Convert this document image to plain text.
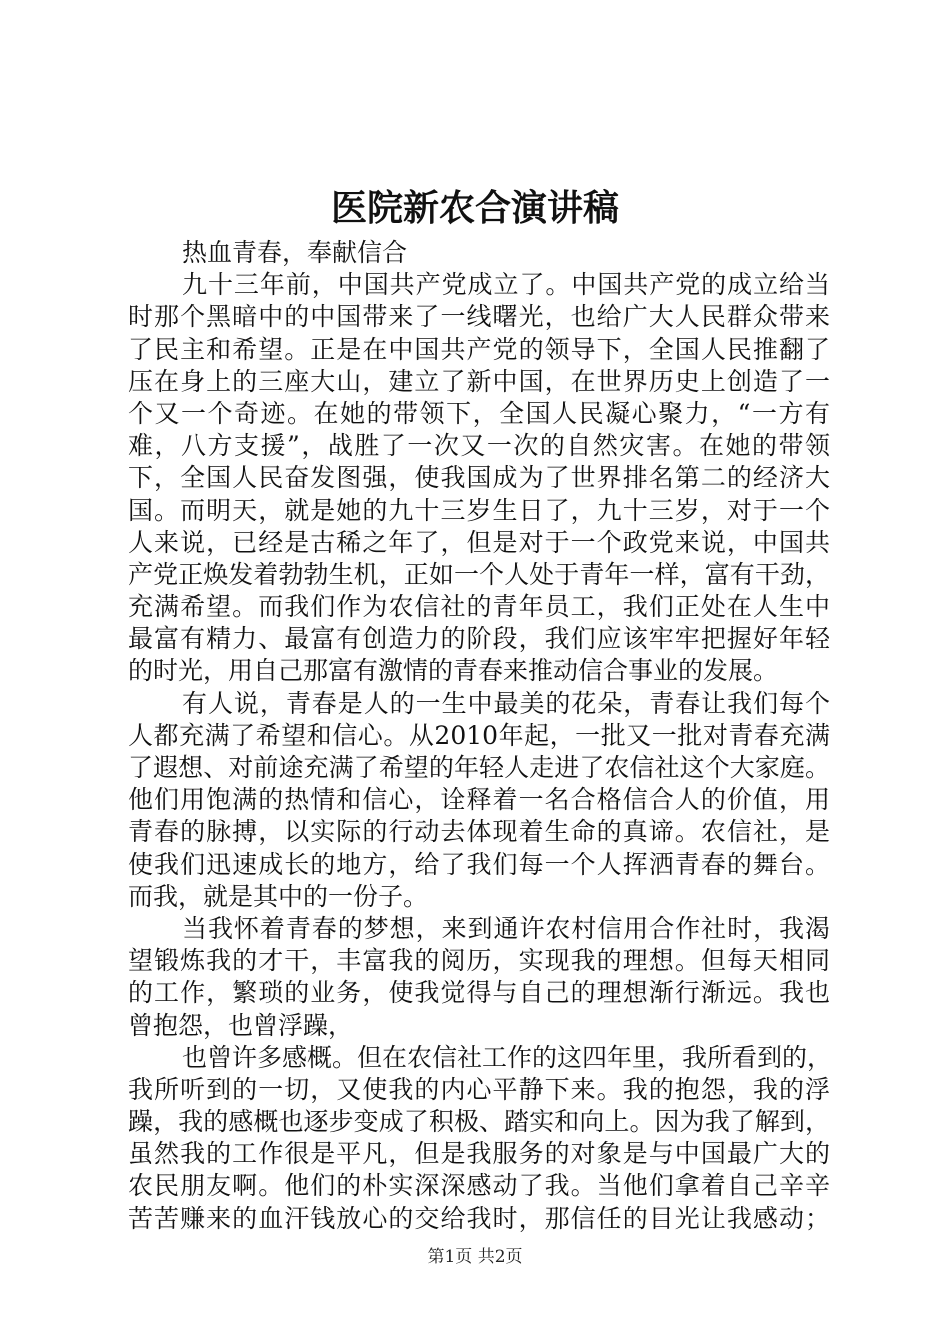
医院新农合演讲稿
热血青春，奉献信合
九十三年前，中国共产党成立了。中国共产党的成立给当
时那个黑暗中的中国带来了一线曙光，也给广大人民群众带来
了民主和希望。正是在中国共产党的领导下，全国人民推翻了
压在身上的三座大山，建立了新中国，在世界历史上创造了一
个又一个奇迹。在她的带领下，全国人民凝心聚力，“一方有
难，八方支援”，战胜了一次又一次的自然灾害。在她的带领
下，全国人民奋发图强，使我国成为了世界排名第二的经济大
国。而明天，就是她的九十三岁生日了，九十三岁，对于一个
人来说，已经是古稀之年了，但是对于一个政党来说，中国共
产党正焕发着勃勃生机，正如一个人处于青年一样，富有干劲，
充满希望。而我们作为农信社的青年员工，我们正处在人生中
最富有精力、最富有创造力的阶段，我们应该牢牢把握好年轻
的时光，用自己那富有激情的青春来推动信合事业的发展。
有人说，青春是人的一生中最美的花朵，青春让我们每个
人都充满了希望和信心。从2010年起，一批又一批对青春充满
了遐想、对前途充满了希望的年轻人走进了农信社这个大家庭。
他们用饱满的热情和信心，诠释着一名合格信合人的价值，用
青春的脉搏，以实际的行动去体现着生命的真谛。农信社，是
使我们迅速成长的地方，给了我们每一个人挥洒青春的舞台。
而我，就是其中的一份子。
当我怀着青春的梦想，来到通许农村信用合作社时，我渴
望锻炼我的才干，丰富我的阅历，实现我的理想。但每天相同
的工作，繁琐的业务，使我觉得与自己的理想渐行渐远。我也
曾抱怨，也曾浮躁，
也曾许多感概。但在农信社工作的这四年里，我所看到的，
我所听到的一切，又使我的内心平静下来。我的抱怨，我的浮
躁，我的感概也逐步变成了积极、踏实和向上。因为我了解到，
虽然我的工作很是平凡，但是我服务的对象是与中国最广大的
农民朋友啊。他们的朴实深深感动了我。当他们拿着自己辛辛
苦苦赚来的血汗钱放心的交给我时，那信任的目光让我感动；
第1页 共2页
